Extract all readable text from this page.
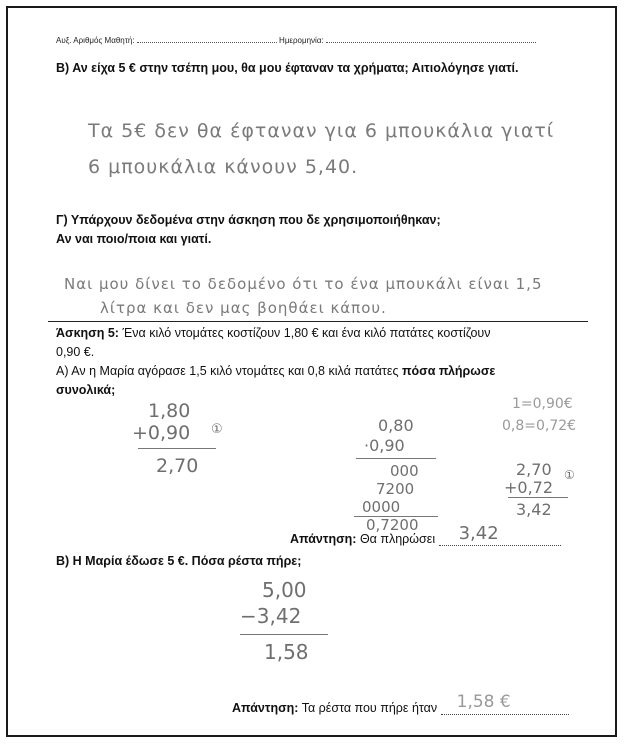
Αυξ. Αριθμός Μαθητή:	Ημερομηνία:
Β) Αν είχα 5 € στην τσέπη μου, θα μου έφταναν τα χρήματα; Αιτιολόγησε γιατί.
Τα 5€ δεν θα έφταναν για 6 μπουκάλια γιατί
6 μπουκάλια κάνουν 5,40.
Γ) Υπάρχουν δεδομένα στην άσκηση που δε χρησιμοποιήθηκαν;
Αν ναι ποιο/ποια και γιατί.
Ναι μου δίνει το δεδομένο ότι το ένα μπουκάλι είναι 1,5
λίτρα και δεν μας βοηθάει κάπου.
Άσκηση 5: Ένα κιλό ντομάτες κοστίζουν 1,80 € και ένα κιλό πατάτες κοστίζουν
0,90 €.
Α) Αν η Μαρία αγόρασε 1,5 κιλό ντομάτες και 0,8 κιλά πατάτες πόσα πλήρωσε
συνολικά;
1,80
+0,90 ①
2,70
0,80
·0,90
000
7200
0000
0,7200
1=0,90€
0,8=0,72€
2,70
+0,72
①
3,42
Απάντηση: Θα πληρώσει 3,42
Β) Η Μαρία έδωσε 5 €. Πόσα ρέστα πήρε;
5,00
−3,42
1,58
Απάντηση: Τα ρέστα που πήρε ήταν 1,58 €
